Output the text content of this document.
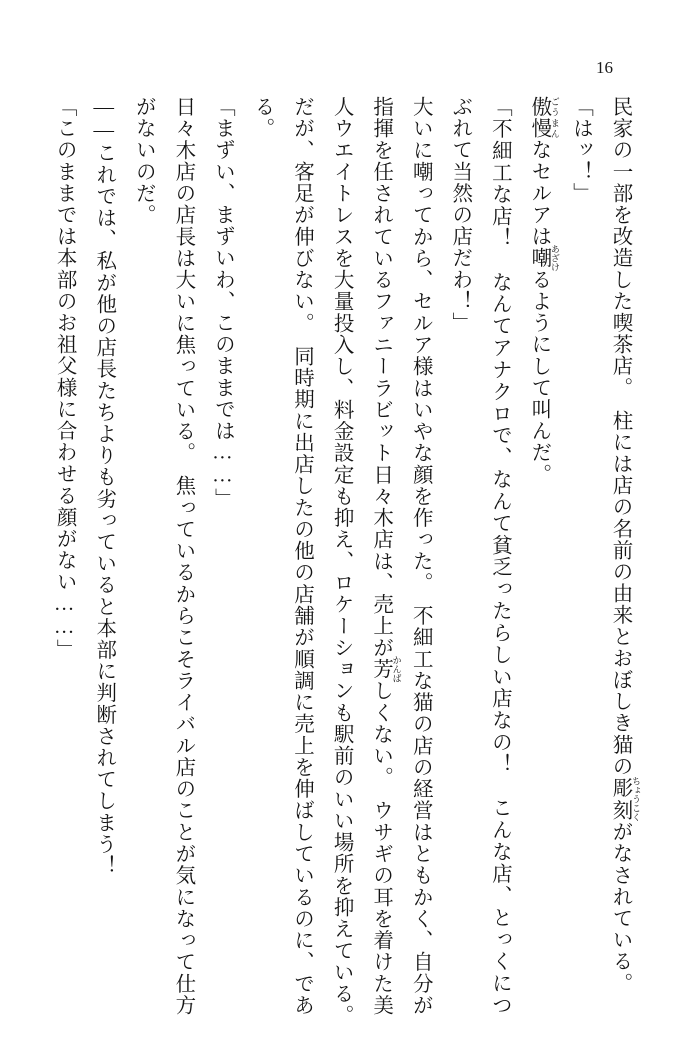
16

民家の一部を改造した喫茶店。　柱には店の名前の由来とおぼしき猫の彫刻 ちょうこくがなされている。

「はッ！」

傲慢 ごうまんなセルアは嘲 あざけるようにして叫んだ。

「不細工な店！　なんてアナクロで、なんて貧乏ったらしい店なの！　こんな店、とっくにつぶれて当然の店だわ！」

大いに嘲ってから、セルア様はいやな顔を作った。　不細工な猫の店の経営はともかく、自分が指揮を任されているファニーラビット日々木店は、売上が芳 かんばしくない。　ウサギの耳を着けた美人ウエイトレスを大量投入し、料金設定も抑え、ロケーションも駅前のいい場所を抑えている。　だが、客足が伸びない。　同時期に出店したの他の店舗が順調に売上を伸ばしているのに、である。

「まずい、まずいわ、このままでは……」

日々木店の店長は大いに焦っている。　焦っているからこそライバル店のことが気になって仕方がないのだ。

――これでは、私が他の店長たちよりも劣っていると本部に判断されてしまう！

「このままでは本部のお祖父様に合わせる顔がない……」
